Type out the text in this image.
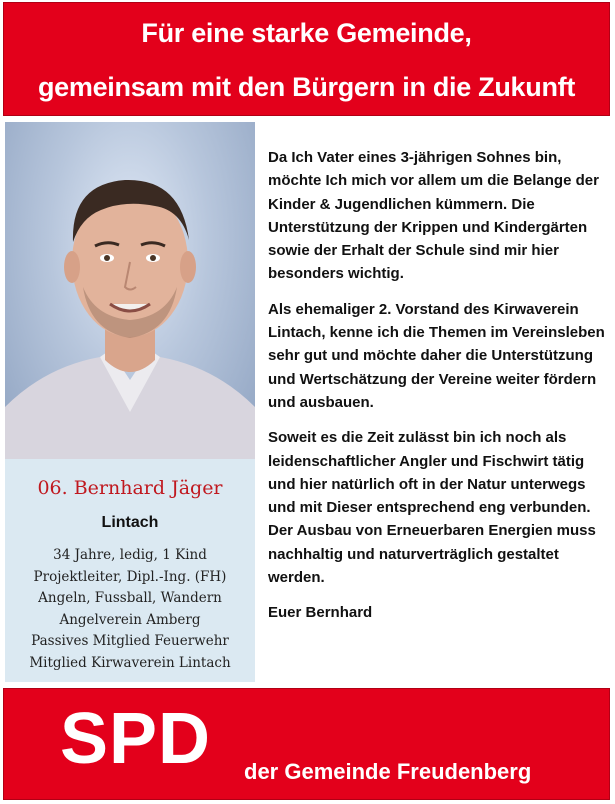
Für eine starke Gemeinde,
gemeinsam mit den Bürgern in die Zukunft
06. Bernhard Jäger
Lintach
34 Jahre, ledig, 1 Kind
Projektleiter, Dipl.-Ing. (FH)
Angeln, Fussball, Wandern
Angelverein Amberg
Passives Mitglied Feuerwehr
Mitglied Kirwaverein Lintach

Da Ich Vater eines 3-jährigen Sohnes bin, möchte Ich mich vor allem um die Belange der Kinder & Jugendlichen kümmern. Die Unterstützung der Krippen und Kindergärten sowie der Erhalt der Schule sind mir hier besonders wichtig.

Als ehemaliger 2. Vorstand des Kirwaverein Lintach, kenne ich die Themen im Vereinsleben sehr gut und möchte daher die Unterstützung und Wertschätzung der Vereine weiter fördern und ausbauen.

Soweit es die Zeit zulässt bin ich noch als leidenschaftlicher Angler und Fischwirt tätig und hier natürlich oft in der Natur unterwegs und mit Dieser entsprechend eng verbunden. Der Ausbau von Erneuerbaren Energien muss nachhaltig und naturverträglich gestaltet werden.

Euer Bernhard

SPD der Gemeinde Freudenberg
